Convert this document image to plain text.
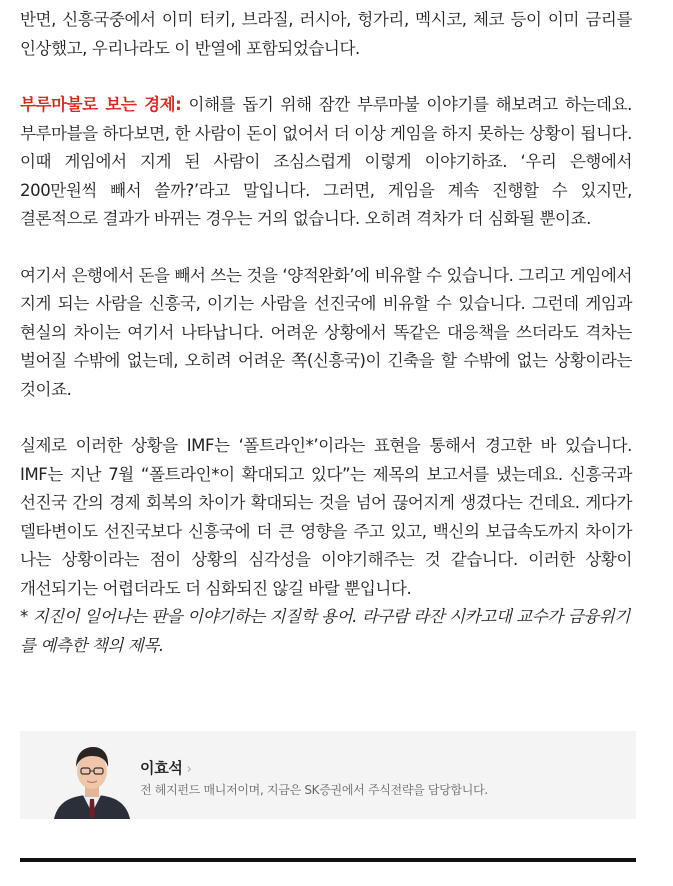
반면, 신흥국중에서 이미 터키, 브라질, 러시아, 헝가리, 멕시코, 체코 등이 이미 금리를 인상했고, 우리나라도 이 반열에 포함되었습니다.

부루마불로 보는 경제: 이해를 돕기 위해 잠깐 부루마불 이야기를 해보려고 하는데요. 부루마블을 하다보면, 한 사람이 돈이 없어서 더 이상 게임을 하지 못하는 상황이 됩니다. 이때 게임에서 지게 된 사람이 조심스럽게 이렇게 이야기하죠. ‘우리 은행에서 200만원씩 빼서 쓸까?’라고 말입니다. 그러면, 게임을 계속 진행할 수 있지만, 결론적으로 결과가 바뀌는 경우는 거의 없습니다. 오히려 격차가 더 심화될 뿐이죠.

여기서 은행에서 돈을 빼서 쓰는 것을 ‘양적완화’에 비유할 수 있습니다. 그리고 게임에서 지게 되는 사람을 신흥국, 이기는 사람을 선진국에 비유할 수 있습니다. 그런데 게임과 현실의 차이는 여기서 나타납니다. 어려운 상황에서 똑같은 대응책을 쓰더라도 격차는 벌어질 수밖에 없는데, 오히려 어려운 쪽(신흥국)이 긴축을 할 수밖에 없는 상황이라는 것이죠.

실제로 이러한 상황을 IMF는 ‘폴트라인*’이라는 표현을 통해서 경고한 바 있습니다. IMF는 지난 7월 “폴트라인*이 확대되고 있다”는 제목의 보고서를 냈는데요. 신흥국과 선진국 간의 경제 회복의 차이가 확대되는 것을 넘어 끊어지게 생겼다는 건데요. 게다가 델타변이도 선진국보다 신흥국에 더 큰 영향을 주고 있고, 백신의 보급속도까지 차이가 나는 상황이라는 점이 상황의 심각성을 이야기해주는 것 같습니다. 이러한 상황이 개선되기는 어렵더라도 더 심화되진 않길 바랄 뿐입니다.

* 지진이 일어나는 판을 이야기하는 지질학 용어. 라구람 라잔 시카고대 교수가 금융위기를 예측한 책의 제목.

이효석 ›
전 헤지펀드 매니저이며, 지금은 SK증권에서 주식전략을 담당합니다.
